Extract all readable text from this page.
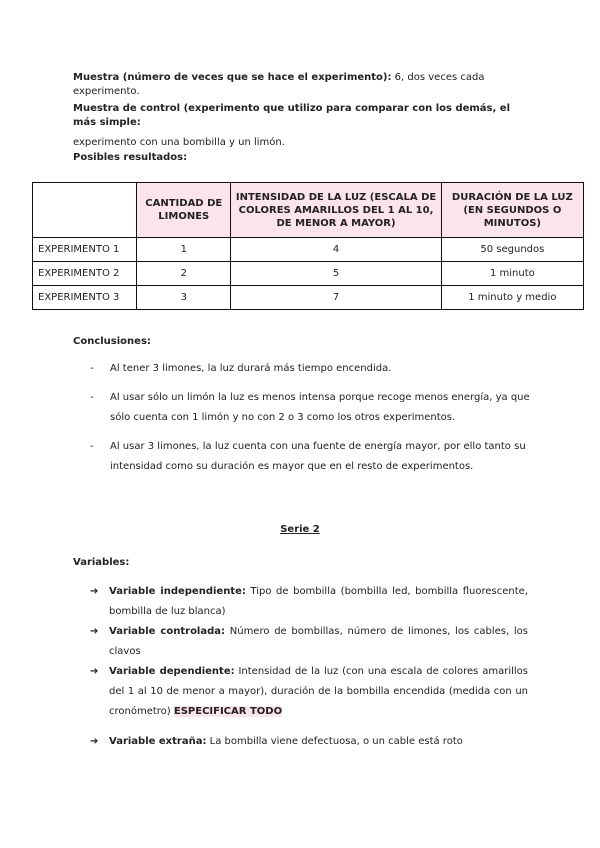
Muestra (número de veces que se hace el experimento): 6, dos veces cada experimento.
Muestra de control (experimento que utilizo para comparar con los demás, el más simple:
experimento con una bombilla y un limón.
Posibles resultados:
	CANTIDAD DE LIMONES	INTENSIDAD DE LA LUZ (ESCALA DE COLORES AMARILLOS DEL 1 AL 10, DE MENOR A MAYOR)	DURACIÓN DE LA LUZ (EN SEGUNDOS O MINUTOS)
EXPERIMENTO 1	1	4	50 segundos
EXPERIMENTO 2	2	5	1 minuto
EXPERIMENTO 3	3	7	1 minuto y medio
Conclusiones:
- Al tener 3 limones, la luz durará más tiempo encendida.
- Al usar sólo un limón la luz es menos intensa porque recoge menos energía, ya que sólo cuenta con 1 limón y no con 2 o 3 como los otros experimentos.
- Al usar 3 limones, la luz cuenta con una fuente de energía mayor, por ello tanto su intensidad como su duración es mayor que en el resto de experimentos.
Serie 2
Variables:
➔ Variable independiente: Tipo de bombilla (bombilla led, bombilla fluorescente, bombilla de luz blanca)
➔ Variable controlada: Número de bombillas, número de limones, los cables, los clavos
➔ Variable dependiente: Intensidad de la luz (con una escala de colores amarillos del 1 al 10 de menor a mayor), duración de la bombilla encendida (medida con un cronómetro) ESPECIFICAR TODO
➔ Variable extraña: La bombilla viene defectuosa, o un cable está roto
